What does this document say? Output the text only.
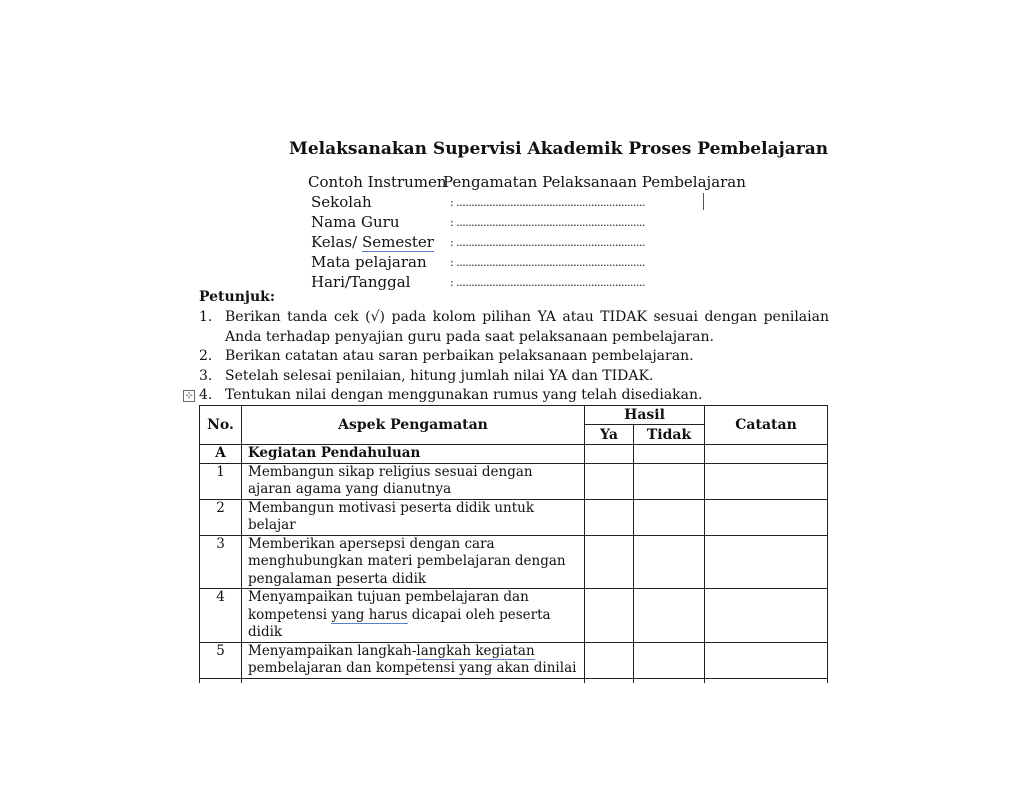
Melaksanakan Supervisi Akademik Proses Pembelajaran
Contoh Instrumen
Pengamatan Pelaksanaan Pembelajaran
Sekolah	: ...............................................................
Nama Guru	: ...............................................................
Kelas/ Semester : ...............................................................
Mata pelajaran : ...............................................................
Hari/Tanggal	: ...............................................................
Petunjuk:
1. Berikan tanda cek (√) pada kolom pilihan YA atau TIDAK sesuai dengan penilaian Anda terhadap penyajian guru pada saat pelaksanaan pembelajaran.
2. Berikan catatan atau saran perbaikan pelaksanaan pembelajaran.
3. Setelah selesai penilaian, hitung jumlah nilai YA dan TIDAK.
4. Tentukan nilai dengan menggunakan rumus yang telah disediakan.
⊹
No.	Aspek Pengamatan	Hasil		Catatan
		Ya	Tidak	
A	Kegiatan Pendahuluan			
1	Membangun sikap religius sesuai dengan ajaran agama yang dianutnya			
2	Membangun motivasi peserta didik untuk belajar			
3	Memberikan apersepsi dengan cara menghubungkan materi pembelajaran dengan pengalaman peserta didik			
4	Menyampaikan tujuan pembelajaran dan kompetensi yang harus dicapai oleh peserta didik			
5	Menyampaikan langkah-langkah kegiatan pembelajaran dan kompetensi yang akan dinilai			
